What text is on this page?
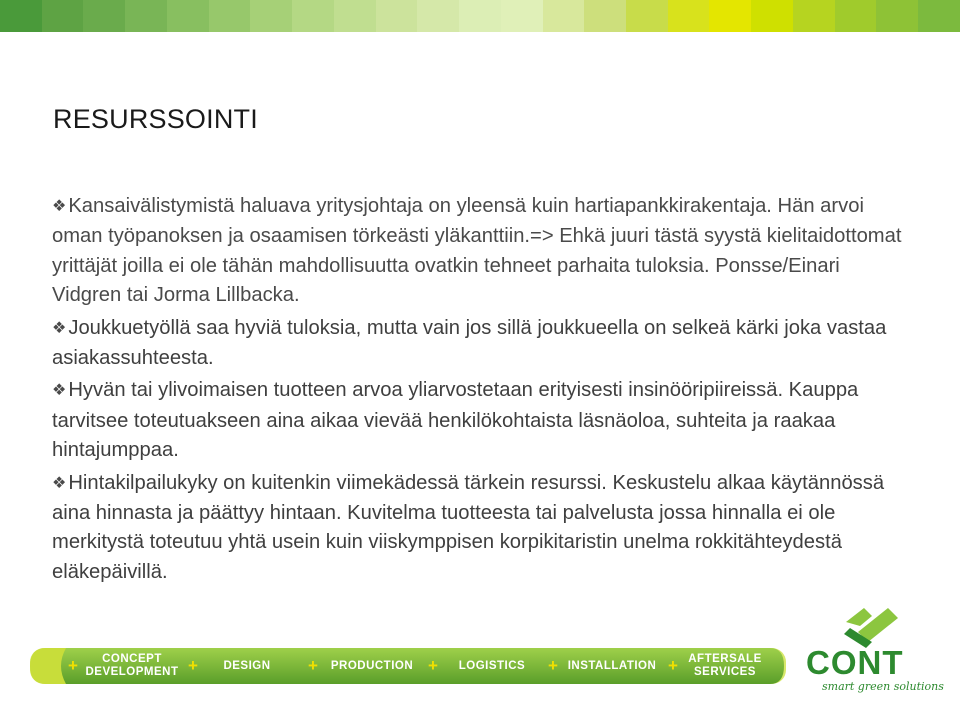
RESURSSOINTI

❖Kansaivälistymistä haluava yritysjohtaja on yleensä kuin hartiapankkirakentaja. Hän arvoi oman työpanoksen ja osaamisen törkeästi yläkanttiin.=> Ehkä juuri tästä syystä kielitaidottomat yrittäjät joilla ei ole tähän mahdollisuutta ovatkin tehneet parhaita tuloksia. Ponsse/Einari Vidgren tai Jorma Lillbacka.

❖Joukkuetyöllä saa hyviä tuloksia, mutta vain jos sillä joukkueella on selkeä kärki joka vastaa asiakassuhteesta.

❖Hyvän tai ylivoimaisen tuotteen arvoa yliarvostetaan erityisesti insinööripiireissä. Kauppa tarvitsee toteutuakseen aina aikaa vievää henkilökohtaista läsnäoloa, suhteita ja raakaa hintajumppaa.

❖Hintakilpailukyky on kuitenkin viimekädessä tärkein resurssi. Keskustelu alkaa käytännössä aina hinnasta ja päättyy hintaan. Kuvitelma tuotteesta tai palvelusta jossa hinnalla ei ole merkitystä toteutuu yhtä usein kuin viiskymppisen korpikitaristin unelma rokkitähteydestä eläkepäivillä.

+	CONCEPT
DEVELOPMENT +	DESIGN	+	PRODUCTION +	LOGISTICS	+ INSTALLATION + AFTERSALE
SERVICES	CONT
smart green solutions
